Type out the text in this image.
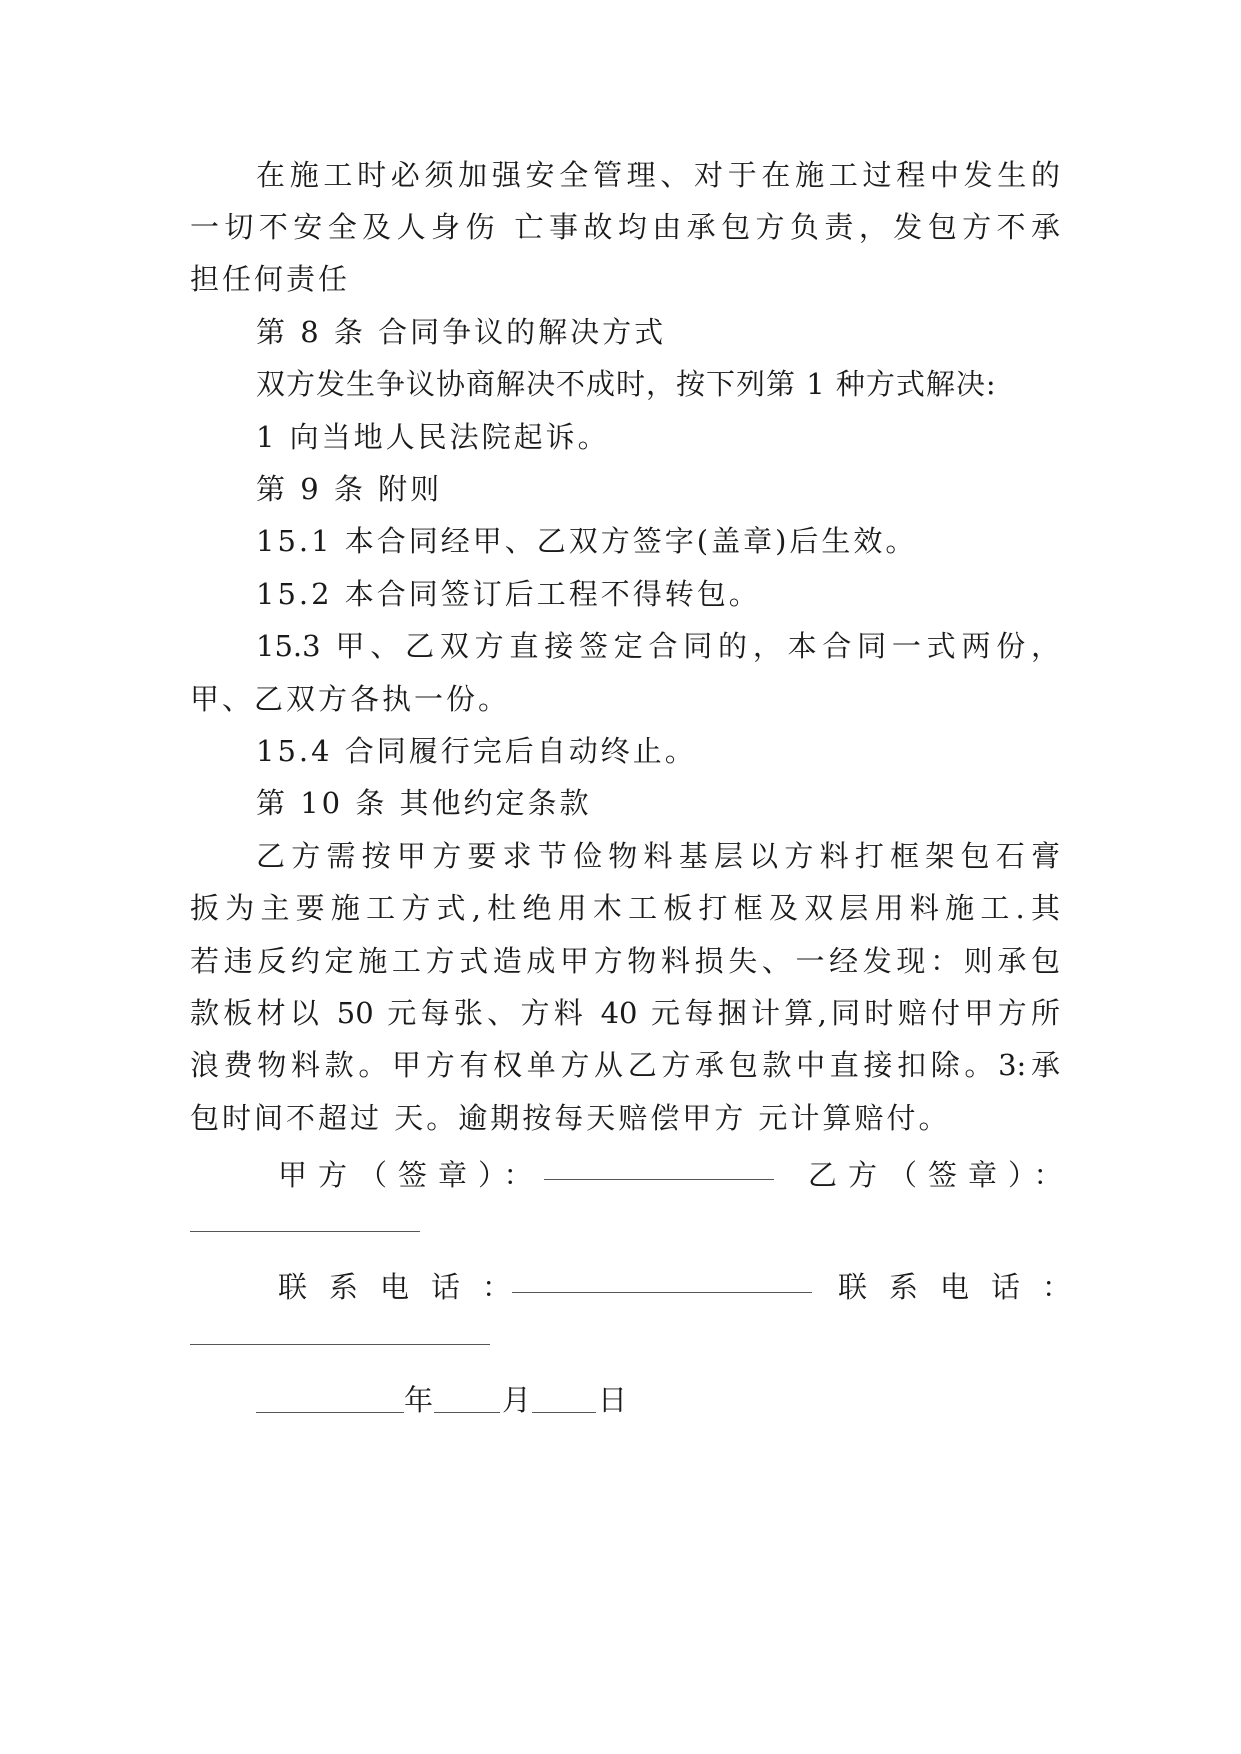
在施工时必须加强安全管理、对于在施工过程中发生的
一切不安全及人身伤 亡事故均由承包方负责，发包方不承
担任何责任
第 8 条 合同争议的解决方式
双方发生争议协商解决不成时，按下列第 1 种方式解决:
1 向当地人民法院起诉。
第 9 条 附则
15.1 本合同经甲、乙双方签字(盖章)后生效。
15.2 本合同签订后工程不得转包。
15.3 甲、乙双方直接签定合同的，本合同一式两份，
甲、乙双方各执一份。
15.4 合同履行完后自动终止。
第 10 条 其他约定条款
乙方需按甲方要求节俭物料基层以方料打框架包石膏
扳为主要施工方式,杜绝用木工板打框及双层用料施工.其
若违反约定施工方式造成甲方物料损失、一经发现：则承包
款板材以 50 元每张、方料 40 元每捆计算,同时赔付甲方所
浪费物料款。甲方有权单方从乙方承包款中直接扣除。3:承
包时间不超过 天。逾期按每天赔偿甲方 元计算赔付。
甲方（签章）：	乙方（签章）：
联系电话：	联系电话：
年 月 日
